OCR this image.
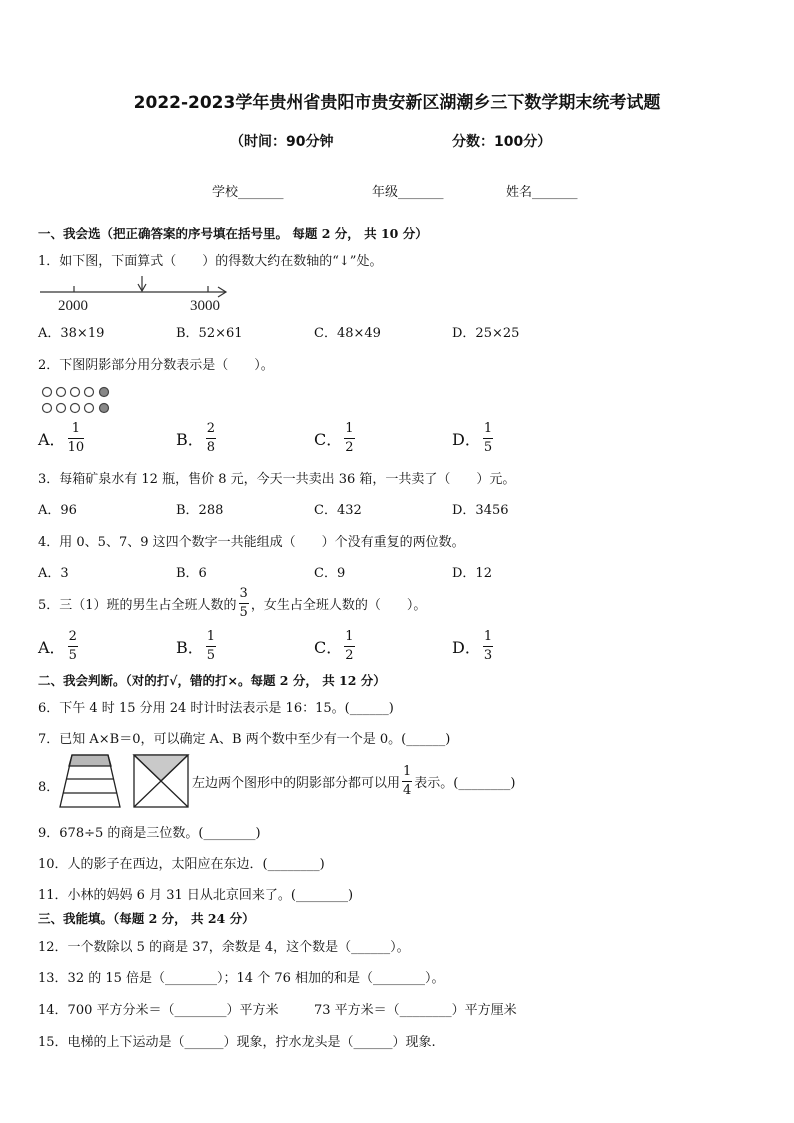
2022-2023学年贵州省贵阳市贵安新区湖潮乡三下数学期末统考试题
（时间：90分钟	分数：100分）
学校_______	年级_______	姓名_______
一、我会选（把正确答案的序号填在括号里。 每题 2 分， 共 10 分）
1．如下图，下面算式（　　）的得数大约在数轴的“↓”处。
2000	3000
A．38×19	B．52×61	C．48×49	D．25×25
2．下图阴影部分用分数表示是（　　）。
A． $\frac{1}{10}$	B． $\frac{2}{8}$	C． $\frac{1}{2}$	D． $\frac{1}{5}$
3．每箱矿泉水有 12 瓶，售价 8 元，今天一共卖出 36 箱，一共卖了（　　）元。
A．96	B．288	C．432	D．3456
4．用 0、5、7、9 这四个数字一共能组成（　　）个没有重复的两位数。
A．3	B．6	C．9	D．12
5．三（1）班的男生占全班人数的 $\frac{3}{5}$ ，女生占全班人数的（　　）。
A． $\frac{2}{5}$	B． $\frac{1}{5}$	C． $\frac{1}{2}$	D． $\frac{1}{3}$
二、我会判断。（对的打√，错的打×。每题 2 分， 共 12 分）
6．下午 4 时 15 分用 24 时计时法表示是 16：15。(______)
7．已知 A×B＝0，可以确定 A、B 两个数中至少有一个是 0。(______)
8．	左边两个图形中的阴影部分都可以用 $\frac{1}{4}$ 表示。(________)
9．678÷5 的商是三位数。(________)
10．人的影子在西边，太阳应在东边．(________)
11．小林的妈妈 6 月 31 日从北京回来了。(________)
三、我能填。（每题 2 分， 共 24 分）
12．一个数除以 5 的商是 37，余数是 4，这个数是（______）。
13．32 的 15 倍是（________）；14 个 76 相加的和是（________）。
14．700 平方分米＝（________）平方米	73 平方米＝（________）平方厘米
15．电梯的上下运动是（______）现象，拧水龙头是（______）现象.
